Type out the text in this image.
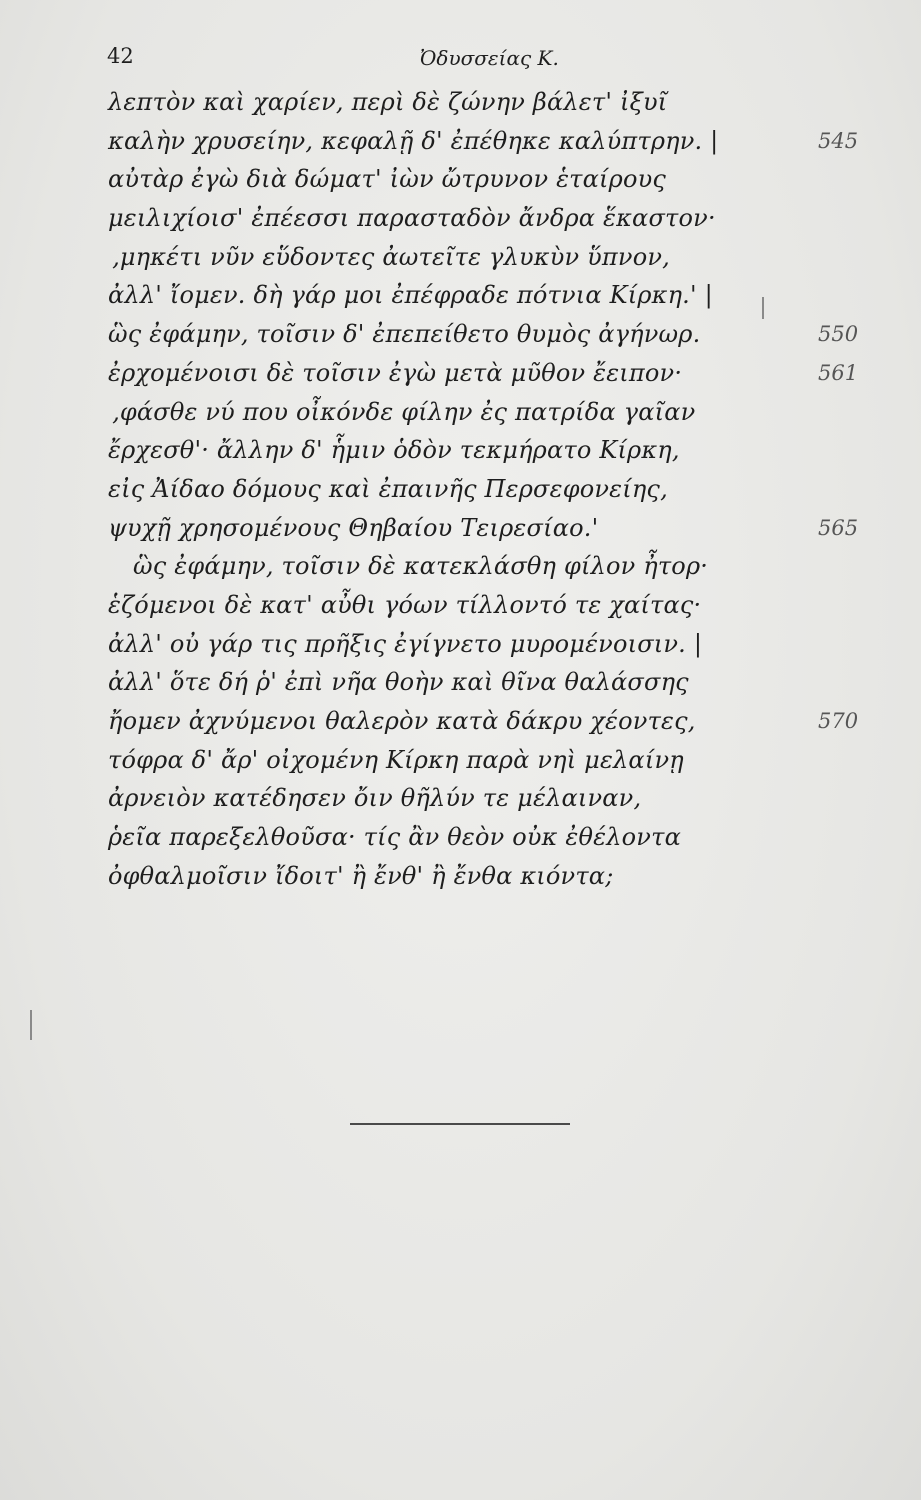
42	Ὀδυσσείας Κ.
λεπτὸν καὶ χαρίεν, περὶ δὲ ζώνην βάλετ' ἰξυῖ
καλὴν χρυσείην, κεφαλῇ δ' ἐπέθηκε καλύπτρην. |	545
αὐτὰρ ἐγὼ διὰ δώματ' ἰὼν ὤτρυνον ἑταίρους
μειλιχίοισ' ἐπέεσσι παρασταδὸν ἄνδρα ἕκαστον·
‚μηκέτι νῦν εὕδοντες ἀωτεῖτε γλυκὺν ὕπνον,
ἀλλ' ἴομεν. δὴ γάρ μοι ἐπέφραδε πότνια Κίρκη.' |
ὣς ἐφάμην, τοῖσιν δ' ἐπεπείθετο θυμὸς ἀγήνωρ.	550
ἐρχομένοισι δὲ τοῖσιν ἐγὼ μετὰ μῦθον ἔειπον·	561
‚φάσθε νύ που οἶκόνδε φίλην ἐς πατρίδα γαῖαν
ἔρχεσθ'· ἄλλην δ' ἧμιν ὁδὸν τεκμήρατο Κίρκη,
εἰς Ἀίδαο δόμους καὶ ἐπαινῆς Περσεφονείης,
ψυχῇ χρησομένους Θηβαίου Τειρεσίαο.'	565
ὣς ἐφάμην, τοῖσιν δὲ κατεκλάσθη φίλον ἦτορ·
ἑζόμενοι δὲ κατ' αὖθι γόων τίλλοντό τε χαίτας·
ἀλλ' οὐ γάρ τις πρῆξις ἐγίγνετο μυρομένοισιν. |
ἀλλ' ὅτε δή ῥ' ἐπὶ νῆα θοὴν καὶ θῖνα θαλάσσης
ἤομεν ἀχνύμενοι θαλερὸν κατὰ δάκρυ χέοντες,	570
τόφρα δ' ἄρ' οἰχομένη Κίρκη παρὰ νηὶ μελαίνῃ
ἀρνειὸν κατέδησεν ὄιν θῆλύν τε μέλαιναν,
ῥεῖα παρεξελθοῦσα· τίς ἂν θεὸν οὐκ ἐθέλοντα
ὀφθαλμοῖσιν ἴδοιτ' ἢ ἔνθ' ἢ ἔνθα κιόντα;
